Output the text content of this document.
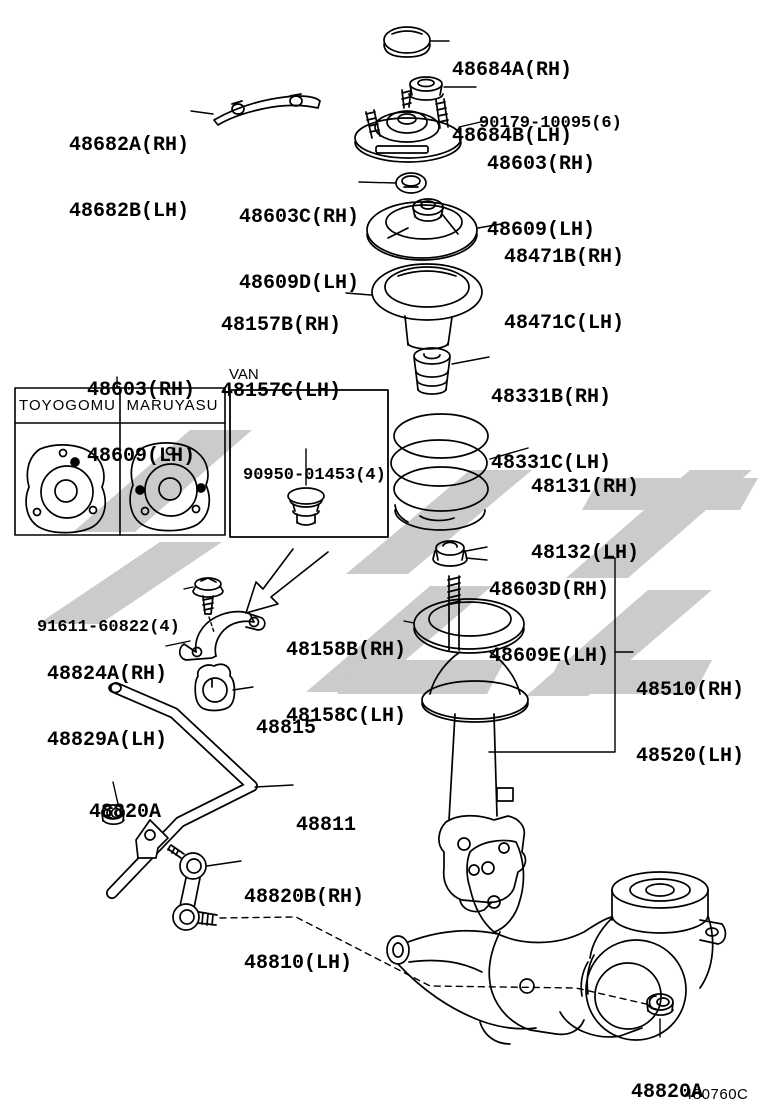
48684A(RH)

48684B(LH)

90179-10095(6)

48603(RH)

48609(LH)

48682A(RH)

48682B(LH)

48603C(RH)

48609D(LH)

48471B(RH)

48471C(LH)

48157B(RH)

48157C(LH)

48603(RH)

48609(LH)

48331B(RH)

48331C(LH)

48131(RH)

48132(LH)

90950-01453(4)

48603D(RH)

48609E(LH)

48158B(RH)

48158C(LH)

48510(RH)

48520(LH)

91611-60822(4)

48824A(RH)

48829A(LH)

48815

48820A

48811

48820B(RH)

48810(LH)

48820A

VAN
TOYOGOMU MARUYASU
480760C
